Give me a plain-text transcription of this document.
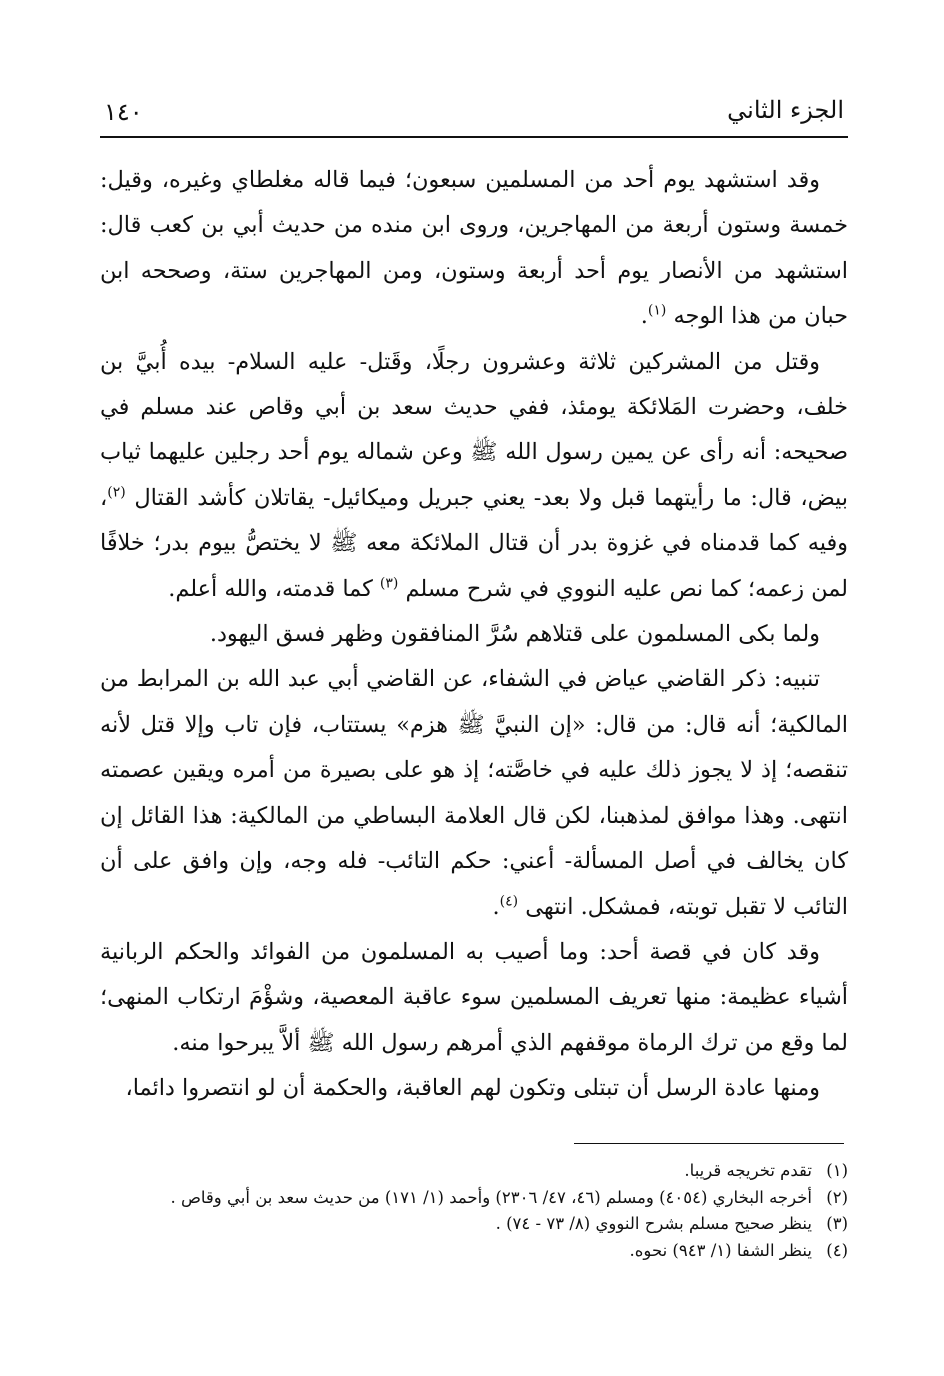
الجزء الثاني
١٤٠

وقد استشهد يوم أحد من المسلمين سبعون؛ فيما قاله مغلطاي وغيره، وقيل: خمسة وستون أربعة من المهاجرين، وروى ابن منده من حديث أبي بن كعب قال: استشهد من الأنصار يوم أحد أربعة وستون، ومن المهاجرين ستة، وصححه ابن حبان من هذا الوجه $^{(١)}$.

وقتل من المشركين ثلاثة وعشرون رجلًا، وقَتل- عليه السلام- بيده أُبيَّ بن خلف، وحضرت المَلائكة يومئذ، ففي حديث سعد بن أبي وقاص عند مسلم في صحيحه: أنه رأى عن يمين رسول الله ﷺ وعن شماله يوم أحد رجلين عليهما ثياب بيض، قال: ما رأيتهما قبل ولا بعد- يعني جبريل وميكائيل- يقاتلان كأشد القتال $^{(٢)}$، وفيه كما قدمناه في غزوة بدر أن قتال الملائكة معه ﷺ لا يختصُّ بيوم بدر؛ خلافًا لمن زعمه؛ كما نص عليه النووي في شرح مسلم $^{(٣)}$ كما قدمته، والله أعلم.

ولما بكى المسلمون على قتلاهم سُرَّ المنافقون وظهر فسق اليهود.

تنبيه: ذكر القاضي عياض في الشفاء، عن القاضي أبي عبد الله بن المرابط من المالكية؛ أنه قال: من قال: «إن النبيَّ ﷺ هزم» يستتاب، فإن تاب وإلا قتل لأنه تنقصه؛ إذ لا يجوز ذلك عليه في خاصَّته؛ إذ هو على بصيرة من أمره ويقين عصمته انتهى. وهذا موافق لمذهبنا، لكن قال العلامة البساطي من المالكية: هذا القائل إن كان يخالف في أصل المسألة- أعني: حكم التائب- فله وجه، وإن وافق على أن التائب لا تقبل توبته، فمشكل. انتهى $^{(٤)}$.

وقد كان في قصة أحد: وما أصيب به المسلمون من الفوائد والحكم الربانية أشياء عظيمة: منها تعريف المسلمين سوء عاقبة المعصية، وشؤْمَ ارتكاب المنهى؛ لما وقع من ترك الرماة موقفهم الذي أمرهم رسول الله ﷺ ألاَّ يبرحوا منه.

ومنها عادة الرسل أن تبتلى وتكون لهم العاقبة، والحكمة أن لو انتصروا دائما،

(١)
تقدم تخريجه قريبا.
(٢)
أخرجه البخاري (٤٠٥٤) ومسلم (٤٦، ٤٧/ ٢٣٠٦) وأحمد (١/ ١٧١) من حديث سعد بن أبي وقاص .
(٣)
ينظر صحيح مسلم بشرح النووي (٨/ ٧٣ - ٧٤) .
(٤)
ينظر الشفا (١/ ٩٤٣) نحوه.
